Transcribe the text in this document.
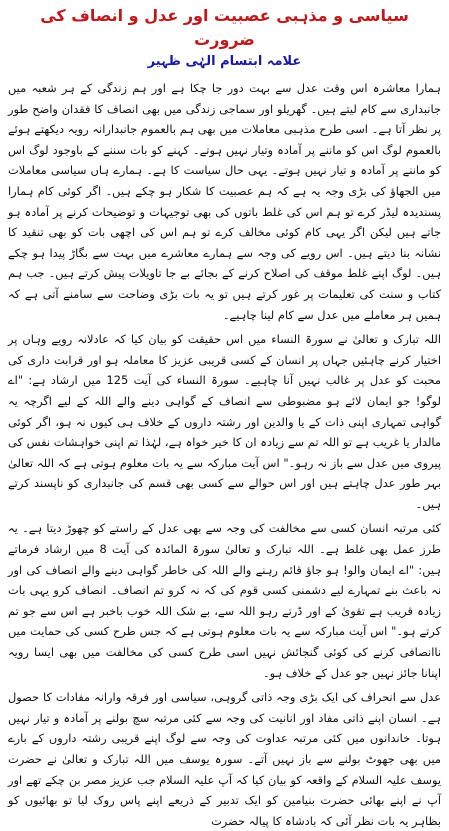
سیاسی و مذہبی عصبیت اور عدل و انصاف کی ضرورت
علامہ ابتسام الہٰی ظہیر

ہمارا معاشرہ اس وقت عدل سے بہت دور جا چکا ہے اور ہم زندگی کے ہر شعبہ میں جانبداری سے کام لیتے ہیں۔ گھریلو اور سماجی زندگی میں بھی انصاف کا فقدان واضح طور پر نظر آتا ہے۔ اسی طرح مذہبی معاملات میں بھی ہم بالعموم جانبدارانہ رویہ دیکھتے ہوئے بالعموم لوگ اس کو ماننے پر آمادہ وتیار نہیں ہوتے۔ کہنے کو بات سننے کے باوجود لوگ اس کو ماننے پر آمادہ و تیار نہیں ہوتے۔ یہی حال سیاست کا ہے۔ ہمارے ہاں سیاسی معاملات میں الجھاؤ کی بڑی وجہ یہ ہے کہ ہم عصبیت کا شکار ہو چکے ہیں۔ اگر کوئی کام ہمارا پسندیدہ لیڈر کرے تو ہم اس کی غلط باتوں کی بھی توجیہات و توضیحات کرنے پر آمادہ ہو جاتے ہیں لیکن اگر یہی کام کوئی مخالف کرے تو ہم اس کی اچھی بات کو بھی تنقید کا نشانہ بنا دیتے ہیں۔ اس رویے کی وجہ سے ہمارے معاشرے میں بہت سے بگاڑ پیدا ہو چکے ہیں۔ لوگ اپنے غلط موقف کی اصلاح کرنے کے بجائے بے جا تاویلات پیش کرتے ہیں۔ جب ہم کتاب و سنت کی تعلیمات پر غور کرتے ہیں تو یہ بات بڑی وضاحت سے سامنے آتی ہے کہ ہمیں ہر معاملے میں عدل سے کام لینا چاہیے۔

اللہ تبارک و تعالیٰ نے سورۃ النساء میں اس حقیقت کو بیان کیا کہ عادلانہ رویے وہاں پر اختیار کرنے چاہئیں جہاں پر انسان کے کسی قریبی عزیز کا معاملہ ہو اور قرابت داری کی محبت کو عدل پر غالب نہیں آنا چاہیے۔ سورۃ النساء کی آیت 125 میں ارشاد ہے: "اے لوگو! جو ایمان لائے ہو مضبوطی سے انصاف کے گواہی دینے والے اللہ کے لیے اگرچہ یہ گواہی تمہاری اپنی ذات کے یا والدین اور رشتہ داروں کے خلاف ہی کیوں نہ ہو، اگر کوئی مالدار یا غریب ہے تو اللہ تم سے زیادہ ان کا خیر خواہ ہے، لہٰذا تم اپنی خواہشات نفس کی پیروی میں عدل سے باز نہ رہو۔" اس آیت مبارکہ سے یہ بات معلوم ہوتی ہے کہ اللہ تعالیٰ بہر طور عدل چاہتے ہیں اور اس حوالے سے کسی بھی قسم کی جانبداری کو ناپسند کرتے ہیں۔

کئی مرتبہ انسان کسی سے مخالفت کی وجہ سے بھی عدل کے راستے کو چھوڑ دیتا ہے۔ یہ طرز عمل بھی غلط ہے۔ اللہ تبارک و تعالیٰ سورۃ المائدہ کی آیت 8 میں ارشاد فرماتے ہیں: "اے ایمان والو! ہو جاؤ قائم رہنے والے اللہ کی خاطر گواہی دینے والے انصاف کی اور نہ باعث بنے تمہارے لیے دشمنی کسی قوم کی کہ نہ کرو تم انصاف۔ انصاف کرو یہی بات زیادہ قریب ہے تقویٰ کے اور ڈرتے رہو اللہ سے، بے شک اللہ خوب باخبر ہے اس سے جو تم کرتے ہو۔" اس آیت مبارکہ سے یہ بات معلوم ہوتی ہے کہ جس طرح کسی کی حمایت میں ناانصافی کرنے کی کوئی گنجائش نہیں اسی طرح کسی کی مخالفت میں بھی ایسا رویہ اپنانا جائز نہیں جو عدل کے خلاف ہو۔

عدل سے انحراف کی ایک بڑی وجہ ذاتی گروہی، سیاسی اور فرقہ وارانہ مفادات کا حصول ہے۔ انسان اپنے ذاتی مفاد اور انانیت کی وجہ سے کئی مرتبہ سچ بولنے پر آمادہ و تیار نہیں ہوتا۔ خاندانوں میں کئی مرتبہ عداوت کی وجہ سے لوگ اپنے قریبی رشتہ داروں کے بارے میں بھی جھوٹ بولنے سے باز نہیں آتے۔ سورہ یوسف میں اللہ تبارک و تعالیٰ نے حضرت یوسف علیہ السلام کے واقعہ کو بیان کیا کہ آپ علیہ السلام جب عزیز مصر بن چکے تھے اور آپ نے اپنے بھائی حضرت بنیامین کو ایک تدبیر کے ذریعے اپنے پاس روک لیا تو بھائیوں کو بظاہر یہ بات نظر آئی کہ بادشاہ کا پیالہ حضرت
